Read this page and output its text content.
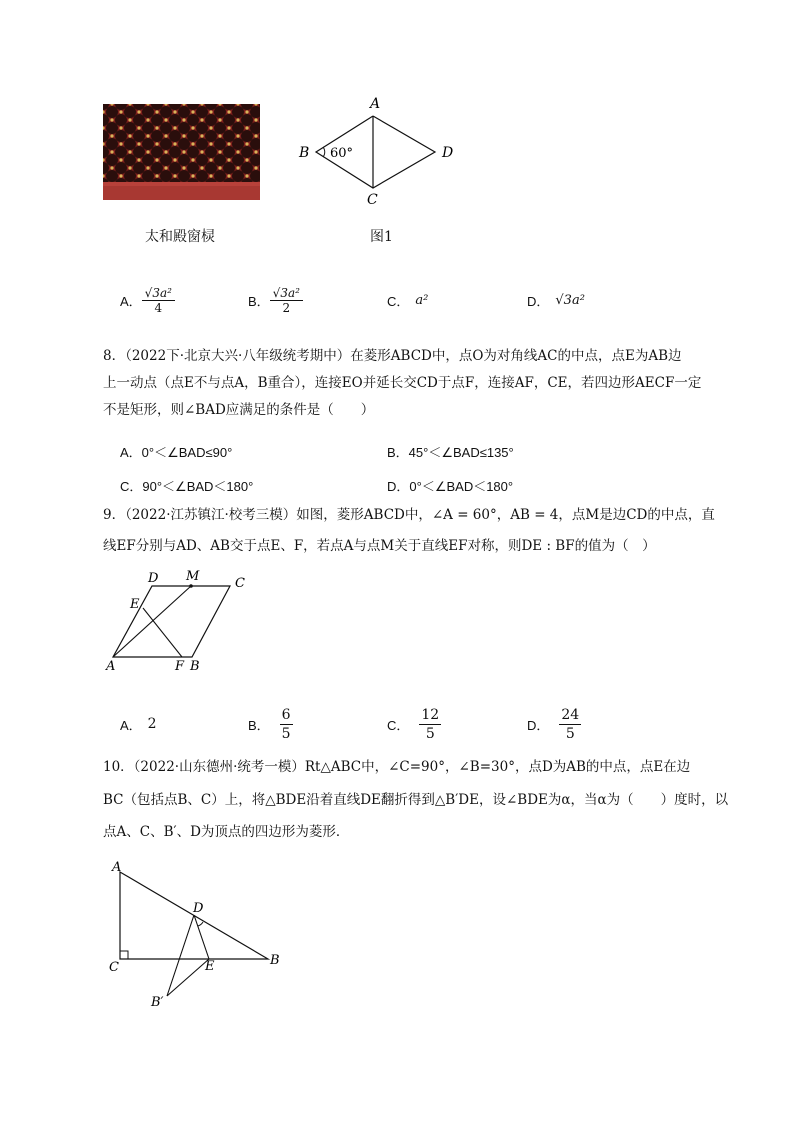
太和殿窗棂
A
B
C
D
60°
图1
A． $\frac{\text{√3a²}}{4}$	B． $\frac{\text{√3a²}}{2}$	C． a²	D． √3a²
8．（2022下·北京大兴·八年级统考期中）在菱形ABCD中，点O为对角线AC的中点，点E为AB边
上一动点（点E不与点A，B重合），连接EO并延长交CD于点F，连接AF，CE，若四边形AECF一定
不是矩形，则∠BAD应满足的条件是（　　）
A．0°＜∠BAD≤90°	B．45°＜∠BAD≤135°
C．90°＜∠BAD＜180°	D．0°＜∠BAD＜180°
9．（2022·江苏镇江·校考三模）如图，菱形ABCD中，∠A = 60°，AB = 4，点M是边CD的中点，直
线EF分别与AD、AB交于点E、F，若点A与点M关于直线EF对称，则DE : BF的值为（　）
D M	C
E
A	F B
A． 2	B．
6
5
C．
12
5
D．
24
5
10．（2022·山东德州·统考一模）Rt△ABC中，∠C=90°，∠B=30°，点D为AB的中点，点E在边
BC（包括点B、C）上，将△BDE沿着直线DE翻折得到△B′DE，设∠BDE为α，当α为（　　）度时，以
点A、C、B′、D为顶点的四边形为菱形．
A
C
D
E	B
B′
